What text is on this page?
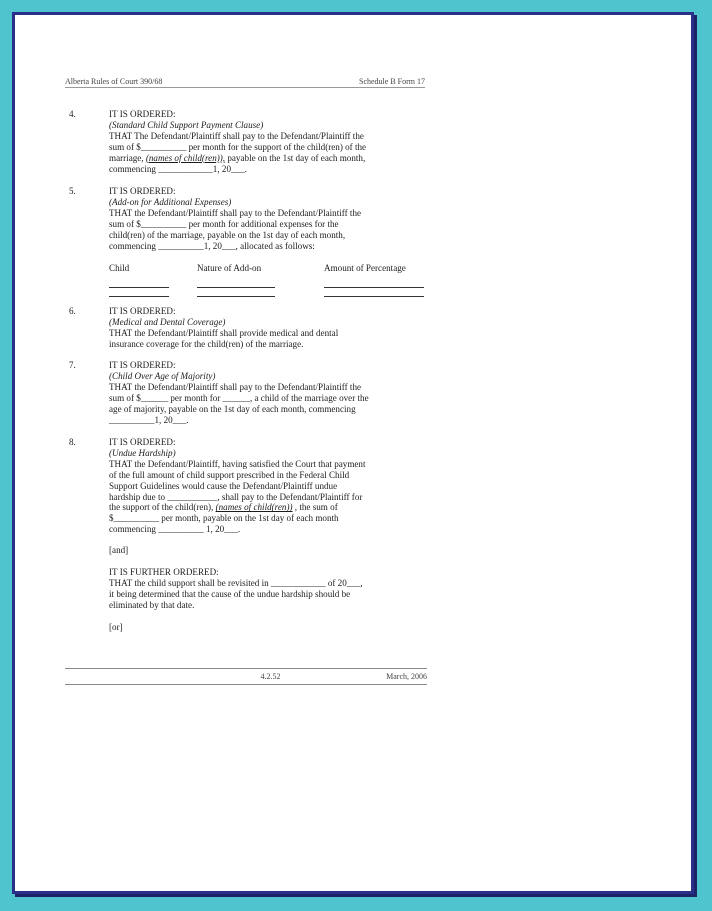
Alberta Rules of Court 390/68	Schedule B Form 17
4.	IT IS ORDERED:
(Standard Child Support Payment Clause)
THAT The Defendant/Plaintiff shall pay to the Defendant/Plaintiff the
sum of $__________ per month for the support of the child(ren) of the
marriage, (names of child(ren)), payable on the 1st day of each month,
commencing ____________1, 20___.
5.	IT IS ORDERED:
(Add-on for Additional Expenses)
THAT the Defendant/Plaintiff shall pay to the Defendant/Plaintiff the
sum of $__________ per month for additional expenses for the
child(ren) of the marriage, payable on the 1st day of each month,
commencing __________1, 20___, allocated as follows:
Child	Nature of Add-on	Amount of Percentage
6.	IT IS ORDERED:
(Medical and Dental Coverage)
THAT the Defendant/Plaintiff shall provide medical and dental
insurance coverage for the child(ren) of the marriage.
7.	IT IS ORDERED:
(Child Over Age of Majority)
THAT the Defendant/Plaintiff shall pay to the Defendant/Plaintiff the
sum of $______ per month for ______, a child of the marriage over the
age of majority, payable on the 1st day of each month, commencing
__________1, 20___.
8.	IT IS ORDERED:
(Undue Hardship)
THAT the Defendant/Plaintiff, having satisfied the Court that payment
of the full amount of child support prescribed in the Federal Child
Support Guidelines would cause the Defendant/Plaintiff undue
hardship due to ___________, shall pay to the Defendant/Plaintiff for
the support of the child(ren), (names of child(ren)) , the sum of
$__________ per month, payable on the 1st day of each month
commencing __________ 1, 20___.
[and]
IT IS FURTHER ORDERED:
THAT the child support shall be revisited in ____________ of 20___,
it being determined that the cause of the undue hardship should be
eliminated by that date.
[or]
4.2.52	March, 2006
